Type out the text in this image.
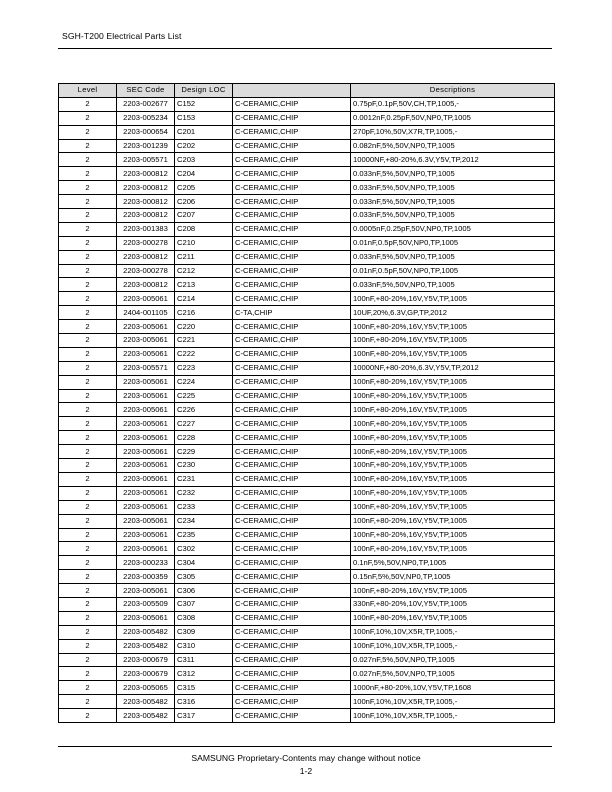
SGH-T200 Electrical Parts List
Level	SEC Code	Design LOC		Descriptions
2	2203-002677	C152	C-CERAMIC,CHIP	0.75pF,0.1pF,50V,CH,TP,1005,-
2	2203-005234	C153	C-CERAMIC,CHIP	0.0012nF,0.25pF,50V,NP0,TP,1005
2	2203-000654	C201	C-CERAMIC,CHIP	270pF,10%,50V,X7R,TP,1005,-
2	2203-001239	C202	C-CERAMIC,CHIP	0.082nF,5%,50V,NP0,TP,1005
2	2203-005571	C203	C-CERAMIC,CHIP	10000NF,+80-20%,6.3V,Y5V,TP,2012
2	2203-000812	C204	C-CERAMIC,CHIP	0.033nF,5%,50V,NP0,TP,1005
2	2203-000812	C205	C-CERAMIC,CHIP	0.033nF,5%,50V,NP0,TP,1005
2	2203-000812	C206	C-CERAMIC,CHIP	0.033nF,5%,50V,NP0,TP,1005
2	2203-000812	C207	C-CERAMIC,CHIP	0.033nF,5%,50V,NP0,TP,1005
2	2203-001383	C208	C-CERAMIC,CHIP	0.0005nF,0.25pF,50V,NP0,TP,1005
2	2203-000278	C210	C-CERAMIC,CHIP	0.01nF,0.5pF,50V,NP0,TP,1005
2	2203-000812	C211	C-CERAMIC,CHIP	0.033nF,5%,50V,NP0,TP,1005
2	2203-000278	C212	C-CERAMIC,CHIP	0.01nF,0.5pF,50V,NP0,TP,1005
2	2203-000812	C213	C-CERAMIC,CHIP	0.033nF,5%,50V,NP0,TP,1005
2	2203-005061	C214	C-CERAMIC,CHIP	100nF,+80-20%,16V,Y5V,TP,1005
2	2404-001105	C216	C-TA,CHIP	10UF,20%,6.3V,GP,TP,2012
2	2203-005061	C220	C-CERAMIC,CHIP	100nF,+80-20%,16V,Y5V,TP,1005
2	2203-005061	C221	C-CERAMIC,CHIP	100nF,+80-20%,16V,Y5V,TP,1005
2	2203-005061	C222	C-CERAMIC,CHIP	100nF,+80-20%,16V,Y5V,TP,1005
2	2203-005571	C223	C-CERAMIC,CHIP	10000NF,+80-20%,6.3V,Y5V,TP,2012
2	2203-005061	C224	C-CERAMIC,CHIP	100nF,+80-20%,16V,Y5V,TP,1005
2	2203-005061	C225	C-CERAMIC,CHIP	100nF,+80-20%,16V,Y5V,TP,1005
2	2203-005061	C226	C-CERAMIC,CHIP	100nF,+80-20%,16V,Y5V,TP,1005
2	2203-005061	C227	C-CERAMIC,CHIP	100nF,+80-20%,16V,Y5V,TP,1005
2	2203-005061	C228	C-CERAMIC,CHIP	100nF,+80-20%,16V,Y5V,TP,1005
2	2203-005061	C229	C-CERAMIC,CHIP	100nF,+80-20%,16V,Y5V,TP,1005
2	2203-005061	C230	C-CERAMIC,CHIP	100nF,+80-20%,16V,Y5V,TP,1005
2	2203-005061	C231	C-CERAMIC,CHIP	100nF,+80-20%,16V,Y5V,TP,1005
2	2203-005061	C232	C-CERAMIC,CHIP	100nF,+80-20%,16V,Y5V,TP,1005
2	2203-005061	C233	C-CERAMIC,CHIP	100nF,+80-20%,16V,Y5V,TP,1005
2	2203-005061	C234	C-CERAMIC,CHIP	100nF,+80-20%,16V,Y5V,TP,1005
2	2203-005061	C235	C-CERAMIC,CHIP	100nF,+80-20%,16V,Y5V,TP,1005
2	2203-005061	C302	C-CERAMIC,CHIP	100nF,+80-20%,16V,Y5V,TP,1005
2	2203-000233	C304	C-CERAMIC,CHIP	0.1nF,5%,50V,NP0,TP,1005
2	2203-000359	C305	C-CERAMIC,CHIP	0.15nF,5%,50V,NP0,TP,1005
2	2203-005061	C306	C-CERAMIC,CHIP	100nF,+80-20%,16V,Y5V,TP,1005
2	2203-005509	C307	C-CERAMIC,CHIP	330nF,+80-20%,10V,Y5V,TP,1005
2	2203-005061	C308	C-CERAMIC,CHIP	100nF,+80-20%,16V,Y5V,TP,1005
2	2203-005482	C309	C-CERAMIC,CHIP	100nF,10%,10V,X5R,TP,1005,-
2	2203-005482	C310	C-CERAMIC,CHIP	100nF,10%,10V,X5R,TP,1005,-
2	2203-000679	C311	C-CERAMIC,CHIP	0.027nF,5%,50V,NP0,TP,1005
2	2203-000679	C312	C-CERAMIC,CHIP	0.027nF,5%,50V,NP0,TP,1005
2	2203-005065	C315	C-CERAMIC,CHIP	1000nF,+80-20%,10V,Y5V,TP,1608
2	2203-005482	C316	C-CERAMIC,CHIP	100nF,10%,10V,X5R,TP,1005,-
2	2203-005482	C317	C-CERAMIC,CHIP	100nF,10%,10V,X5R,TP,1005,-
SAMSUNG Proprietary-Contents may change without notice
1-2
